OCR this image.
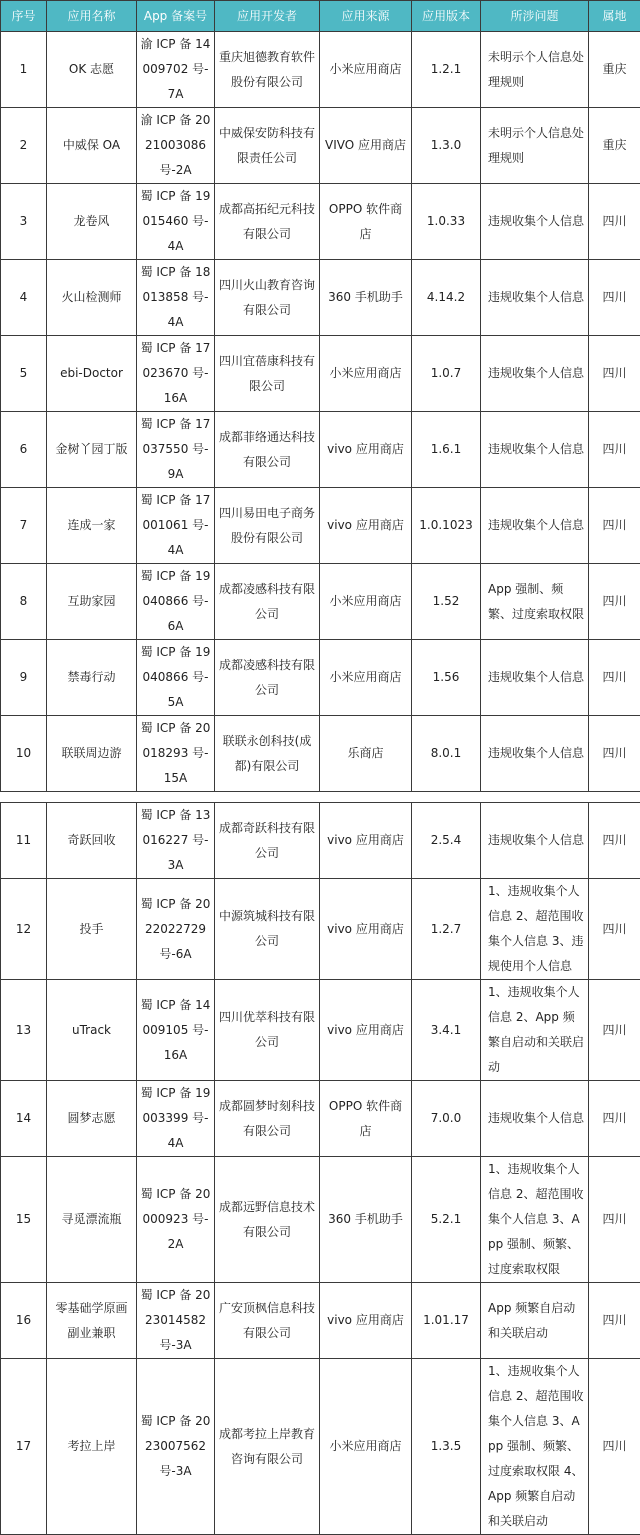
序号	应用名称	App 备案号	应用开发者	应用来源	应用版本	所涉问题	属地
1	OK 志愿	渝 ICP 备 14009702 号-7A	重庆旭德教育软件股份有限公司	小米应用商店	1.2.1	未明示个人信息处理规则	重庆
2	中威保 OA	渝 ICP 备 2021003086 号-2A	中威保安防科技有限责任公司	VIVO 应用商店	1.3.0	未明示个人信息处理规则	重庆
3	龙卷风	蜀 ICP 备 19015460 号-4A	成都高拓纪元科技有限公司	OPPO 软件商店	1.0.33	违规收集个人信息	四川
4	火山检测师	蜀 ICP 备 18013858 号-4A	四川火山教育咨询有限公司	360 手机助手	4.14.2	违规收集个人信息	四川
5	ebi-Doctor	蜀 ICP 备 17023670 号-16A	四川宜蓓康科技有限公司	小米应用商店	1.0.7	违规收集个人信息	四川
6	金树丫园丁版	蜀 ICP 备 17037550 号-9A	成都菲络通达科技有限公司	vivo 应用商店	1.6.1	违规收集个人信息	四川
7	连成一家	蜀 ICP 备 17001061 号-4A	四川易田电子商务股份有限公司	vivo 应用商店	1.0.1023	违规收集个人信息	四川
8	互助家园	蜀 ICP 备 19040866 号-6A	成都凌感科技有限公司	小米应用商店	1.52	App 强制、频繁、过度索取权限	四川
9	禁毒行动	蜀 ICP 备 19040866 号-5A	成都凌感科技有限公司	小米应用商店	1.56	违规收集个人信息	四川
10	联联周边游	蜀 ICP 备 20018293 号-15A	联联永创科技(成都)有限公司	乐商店	8.0.1	违规收集个人信息	四川

11	奇跃回收	蜀 ICP 备 13016227 号-3A	成都奇跃科技有限公司	vivo 应用商店	2.5.4	违规收集个人信息	四川
12	投手	蜀 ICP 备 2022022729 号-6A	中源筑城科技有限公司	vivo 应用商店	1.2.7	1、违规收集个人信息 2、超范围收集个人信息 3、违规使用个人信息	四川
13	uTrack	蜀 ICP 备 14009105 号-16A	四川优萃科技有限公司	vivo 应用商店	3.4.1	1、违规收集个人信息 2、App 频繁自启动和关联启动	四川
14	圆梦志愿	蜀 ICP 备 19003399 号-4A	成都圆梦时刻科技有限公司	OPPO 软件商店	7.0.0	违规收集个人信息	四川
15	寻觅漂流瓶	蜀 ICP 备 20000923 号-2A	成都远野信息技术有限公司	360 手机助手	5.2.1	1、违规收集个人信息 2、超范围收集个人信息 3、App 强制、频繁、过度索取权限	四川
16	零基础学原画副业兼职	蜀 ICP 备 2023014582 号-3A	广安顶枫信息科技有限公司	vivo 应用商店	1.01.17	App 频繁自启动和关联启动	四川
17	考拉上岸	蜀 ICP 备 2023007562 号-3A	成都考拉上岸教育咨询有限公司	小米应用商店	1.3.5	1、违规收集个人信息 2、超范围收集个人信息 3、App 强制、频繁、过度索取权限 4、App 频繁自启动和关联启动	四川
